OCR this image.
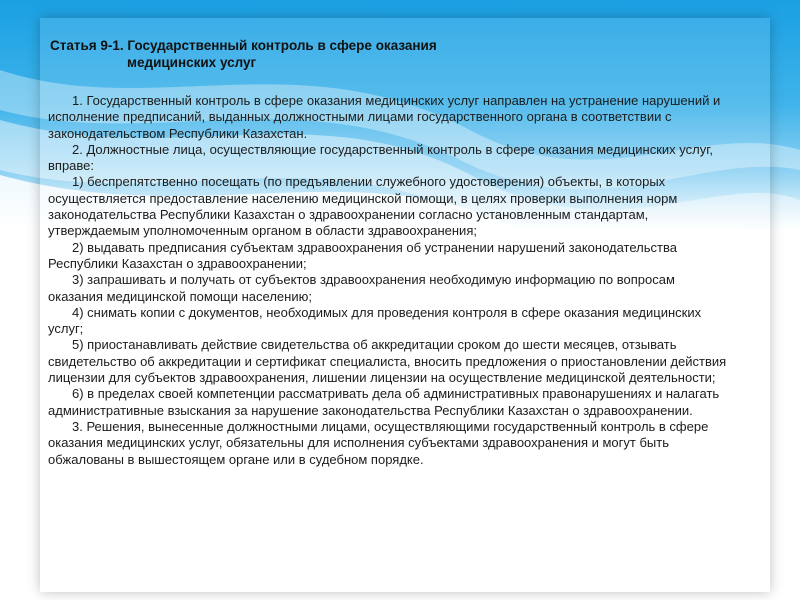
Статья 9-1. Государственный контроль в сфере оказания
медицинских услуг

1. Государственный контроль в сфере оказания медицинских услуг направлен на устранение нарушений и исполнение предписаний, выданных должностными лицами государственного органа в соответствии с законодательством Республики Казахстан.

2. Должностные лица, осуществляющие государственный контроль в сфере оказания медицинских услуг, вправе:

1) беспрепятственно посещать (по предъявлении служебного удостоверения) объекты, в которых осуществляется предоставление населению медицинской помощи, в целях проверки выполнения норм законодательства Республики Казахстан о здравоохранении согласно установленным стандартам, утверждаемым уполномоченным органом в области здравоохранения;

2) выдавать предписания субъектам здравоохранения об устранении нарушений законодательства Республики Казахстан о здравоохранении;

3) запрашивать и получать от субъектов здравоохранения необходимую информацию по вопросам оказания медицинской помощи населению;

4) снимать копии с документов, необходимых для проведения контроля в сфере оказания медицинских услуг;

5) приостанавливать действие свидетельства об аккредитации сроком до шести месяцев, отзывать свидетельство об аккредитации и сертификат специалиста, вносить предложения о приостановлении действия лицензии для субъектов здравоохранения, лишении лицензии на осуществление медицинской деятельности;

6) в пределах своей компетенции рассматривать дела об административных правонарушениях и налагать административные взыскания за нарушение законодательства Республики Казахстан о здравоохранении.

3. Решения, вынесенные должностными лицами, осуществляющими государственный контроль в сфере оказания медицинских услуг, обязательны для исполнения субъектами здравоохранения и могут быть обжалованы в вышестоящем органе или в судебном порядке.
